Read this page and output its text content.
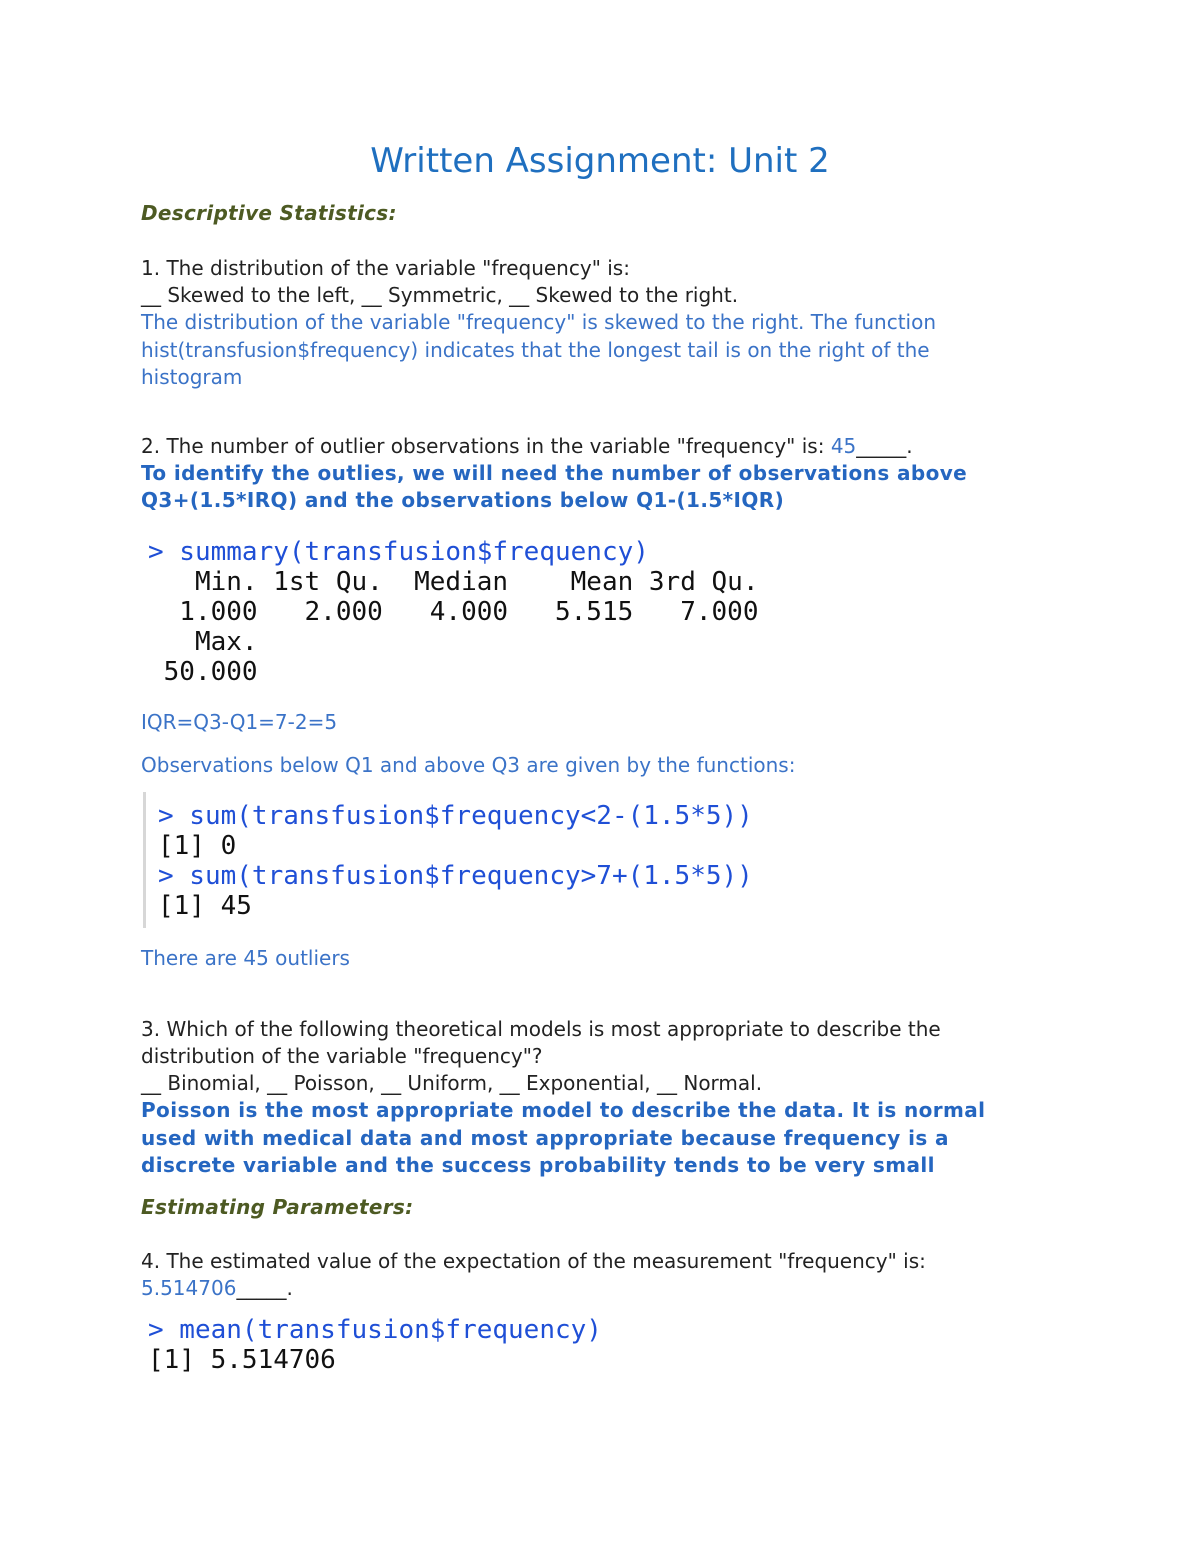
Written Assignment: Unit 2
Descriptive Statistics:
1. The distribution of the variable "frequency" is:
__ Skewed to the left, __ Symmetric, __ Skewed to the right.
The distribution of the variable "frequency" is skewed to the right. The function
hist(transfusion$frequency) indicates that the longest tail is on the right of the
histogram
2. The number of outlier observations in the variable "frequency" is: 45_____.
To identify the outlies, we will need the number of observations above
Q3+(1.5*IRQ) and the observations below Q1-(1.5*IQR)
> summary(transfusion$frequency)
Min. 1st Qu.  Median    Mean 3rd Qu.
1.000   2.000   4.000   5.515   7.000
Max.
50.000
IQR=Q3-Q1=7-2=5
Observations below Q1 and above Q3 are given by the functions:
> sum(transfusion$frequency<2-(1.5*5))
[1] 0
> sum(transfusion$frequency>7+(1.5*5))
[1] 45
There are 45 outliers
3. Which of the following theoretical models is most appropriate to describe the
distribution of the variable "frequency"?
__ Binomial, __ Poisson, __ Uniform, __ Exponential, __ Normal.
Poisson is the most appropriate model to describe the data. It is normal
used with medical data and most appropriate because frequency is a
discrete variable and the success probability tends to be very small
Estimating Parameters:
4. The estimated value of the expectation of the measurement "frequency" is:
5.514706_____.
> mean(transfusion$frequency)
[1] 5.514706
